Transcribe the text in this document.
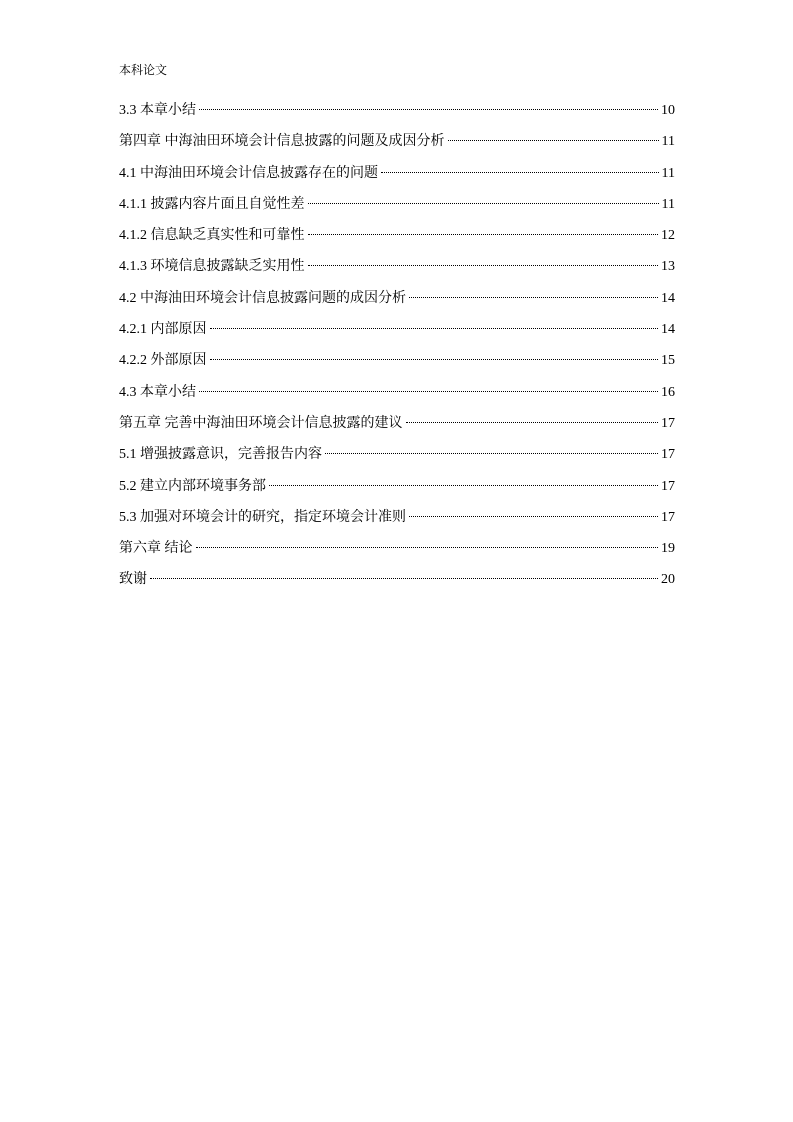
本科论文
3.3 本章小结	10
第四章 中海油田环境会计信息披露的问题及成因分析	11
4.1 中海油田环境会计信息披露存在的问题	11
4.1.1 披露内容片面且自觉性差	11
4.1.2 信息缺乏真实性和可靠性	12
4.1.3 环境信息披露缺乏实用性	13
4.2 中海油田环境会计信息披露问题的成因分析	14
4.2.1 内部原因	14
4.2.2 外部原因	15
4.3 本章小结	16
第五章 完善中海油田环境会计信息披露的建议	17
5.1 增强披露意识，完善报告内容	17
5.2 建立内部环境事务部	17
5.3 加强对环境会计的研究，指定环境会计准则	17
第六章 结论	19
致谢	20
